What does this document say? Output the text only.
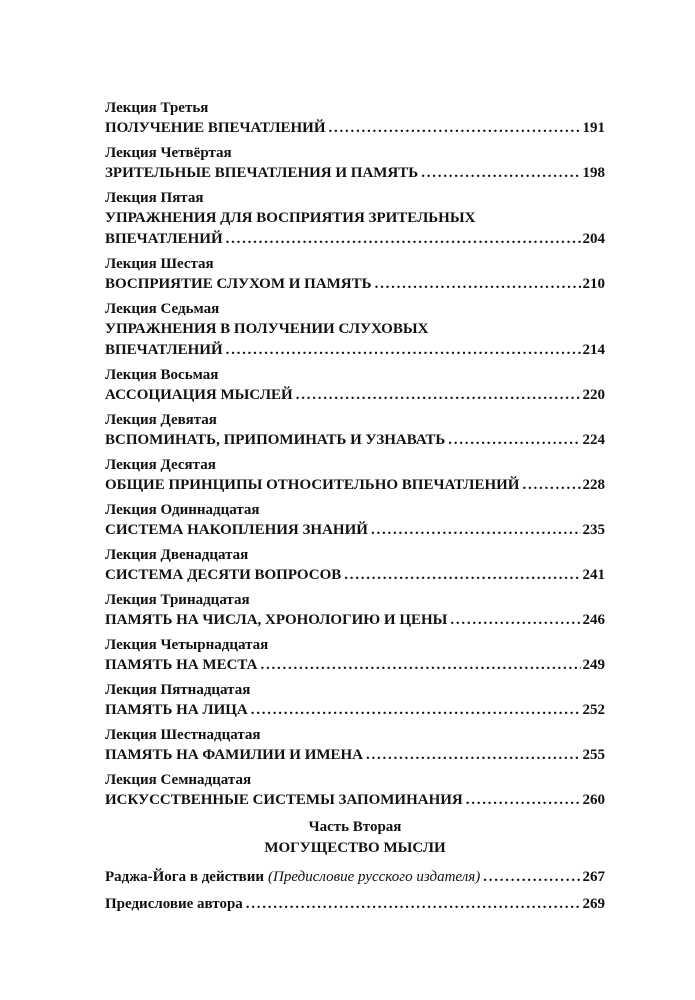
Лекция Третья
ПОЛУЧЕНИЕ ВПЕЧАТЛЕНИЙ . . .	191
Лекция Четвёртая
ЗРИТЕЛЬНЫЕ ВПЕЧАТЛЕНИЯ И ПАМЯТЬ . . .	198
Лекция Пятая
УПРАЖНЕНИЯ ДЛЯ ВОСПРИЯТИЯ ЗРИТЕЛЬНЫХ
ВПЕЧАТЛЕНИЙ . . .	204
Лекция Шестая
ВОСПРИЯТИЕ СЛУХОМ И ПАМЯТЬ . . .	210
Лекция Седьмая
УПРАЖНЕНИЯ В ПОЛУЧЕНИИ СЛУХОВЫХ
ВПЕЧАТЛЕНИЙ . . .	214
Лекция Восьмая
АССОЦИАЦИЯ МЫСЛЕЙ . . .	220
Лекция Девятая
ВСПОМИНАТЬ, ПРИПОМИНАТЬ И УЗНАВАТЬ . . .	224
Лекция Десятая
ОБЩИЕ ПРИНЦИПЫ ОТНОСИТЕЛЬНО ВПЕЧАТЛЕНИЙ . . .	228
Лекция Одиннадцатая
СИСТЕМА НАКОПЛЕНИЯ ЗНАНИЙ . . .	235
Лекция Двенадцатая
СИСТЕМА ДЕСЯТИ ВОПРОСОВ . . .	241
Лекция Тринадцатая
ПАМЯТЬ НА ЧИСЛА, ХРОНОЛОГИЮ И ЦЕНЫ . . .	246
Лекция Четырнадцатая
ПАМЯТЬ НА МЕСТА . . .	249
Лекция Пятнадцатая
ПАМЯТЬ НА ЛИЦА . . .	252
Лекция Шестнадцатая
ПАМЯТЬ НА ФАМИЛИИ И ИМЕНА . . .	255
Лекция Семнадцатая
ИСКУССТВЕННЫЕ СИСТЕМЫ ЗАПОМИНАНИЯ . . .	260
Часть Вторая
МОГУЩЕСТВО МЫСЛИ
Раджа-Йога в действии (Предисловие русского издателя) . . .	267
Предисловие автора . . .	269
